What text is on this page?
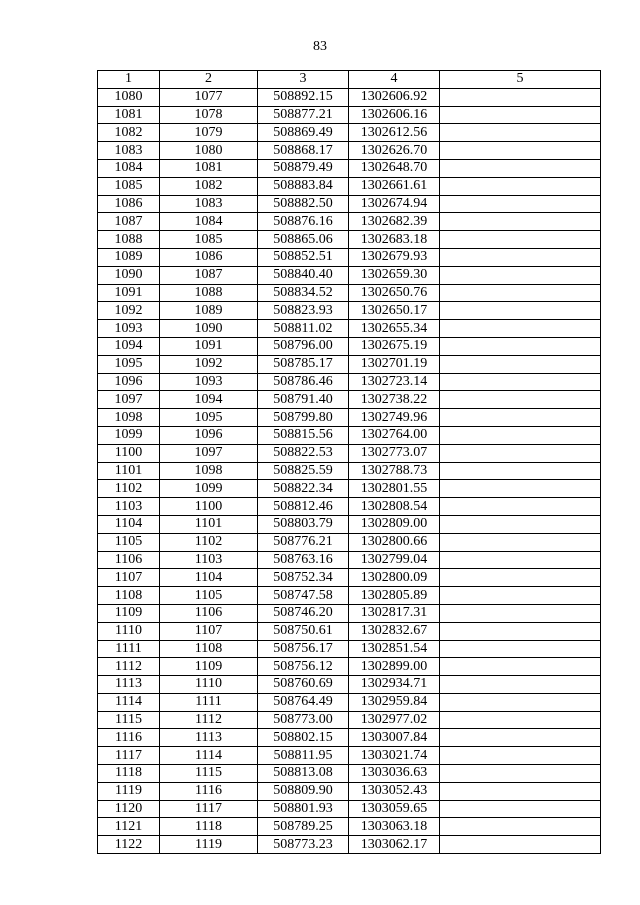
83
1	2	3	4	5
1080	1077	508892.15	1302606.92	
1081	1078	508877.21	1302606.16	
1082	1079	508869.49	1302612.56	
1083	1080	508868.17	1302626.70	
1084	1081	508879.49	1302648.70	
1085	1082	508883.84	1302661.61	
1086	1083	508882.50	1302674.94	
1087	1084	508876.16	1302682.39	
1088	1085	508865.06	1302683.18	
1089	1086	508852.51	1302679.93	
1090	1087	508840.40	1302659.30	
1091	1088	508834.52	1302650.76	
1092	1089	508823.93	1302650.17	
1093	1090	508811.02	1302655.34	
1094	1091	508796.00	1302675.19	
1095	1092	508785.17	1302701.19	
1096	1093	508786.46	1302723.14	
1097	1094	508791.40	1302738.22	
1098	1095	508799.80	1302749.96	
1099	1096	508815.56	1302764.00	
1100	1097	508822.53	1302773.07	
1101	1098	508825.59	1302788.73	
1102	1099	508822.34	1302801.55	
1103	1100	508812.46	1302808.54	
1104	1101	508803.79	1302809.00	
1105	1102	508776.21	1302800.66	
1106	1103	508763.16	1302799.04	
1107	1104	508752.34	1302800.09	
1108	1105	508747.58	1302805.89	
1109	1106	508746.20	1302817.31	
1110	1107	508750.61	1302832.67	
1111	1108	508756.17	1302851.54	
1112	1109	508756.12	1302899.00	
1113	1110	508760.69	1302934.71	
1114	1111	508764.49	1302959.84	
1115	1112	508773.00	1302977.02	
1116	1113	508802.15	1303007.84	
1117	1114	508811.95	1303021.74	
1118	1115	508813.08	1303036.63	
1119	1116	508809.90	1303052.43	
1120	1117	508801.93	1303059.65	
1121	1118	508789.25	1303063.18	
1122	1119	508773.23	1303062.17	
